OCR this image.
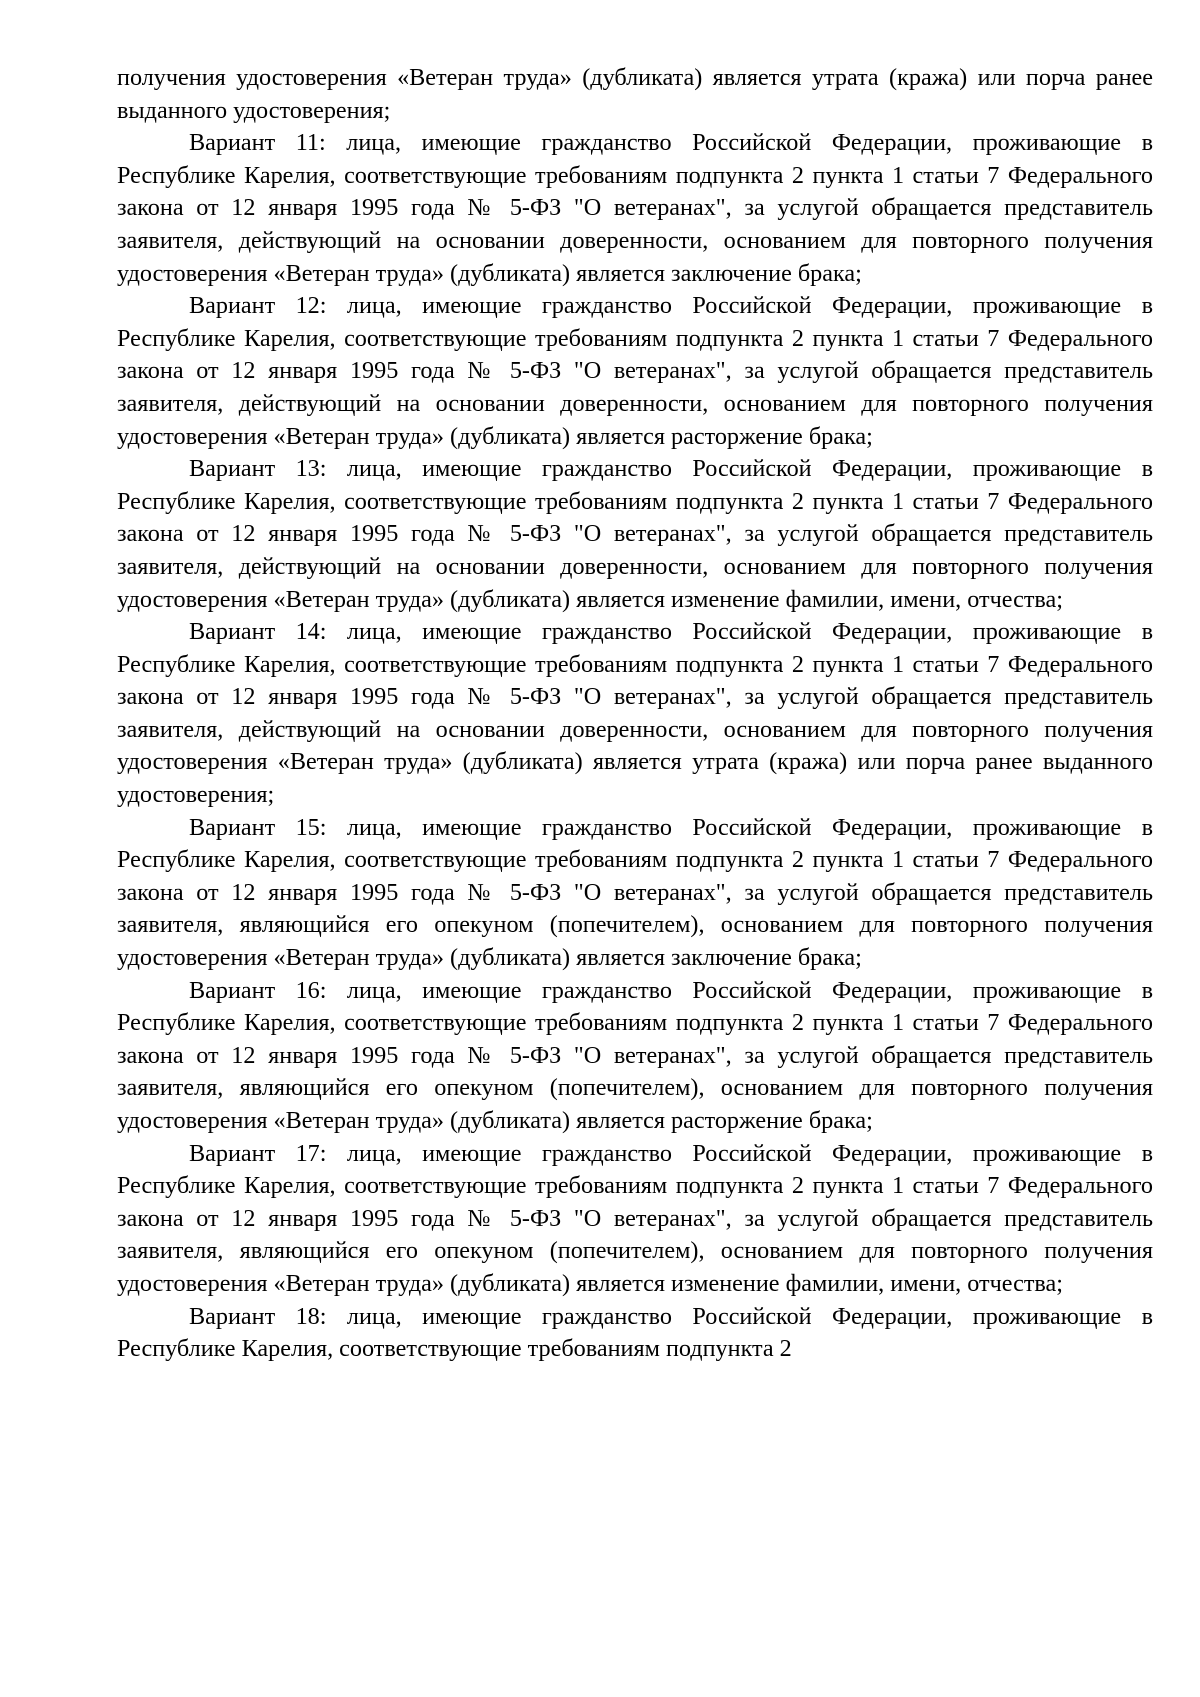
получения удостоверения «Ветеран труда» (дубликата) является утрата (кража) или порча ранее выданного удостоверения;

Вариант 11: лица, имеющие гражданство Российской Федерации, проживающие в Республике Карелия, соответствующие требованиям подпункта 2 пункта 1 статьи 7 Федерального закона от 12 января 1995 года № 5-ФЗ "О ветеранах", за услугой обращается представитель заявителя, действующий на основании доверенности, основанием для повторного получения удостоверения «Ветеран труда» (дубликата) является заключение брака;

Вариант 12: лица, имеющие гражданство Российской Федерации, проживающие в Республике Карелия, соответствующие требованиям подпункта 2 пункта 1 статьи 7 Федерального закона от 12 января 1995 года № 5-ФЗ "О ветеранах", за услугой обращается представитель заявителя, действующий на основании доверенности, основанием для повторного получения удостоверения «Ветеран труда» (дубликата) является расторжение брака;

Вариант 13: лица, имеющие гражданство Российской Федерации, проживающие в Республике Карелия, соответствующие требованиям подпункта 2 пункта 1 статьи 7 Федерального закона от 12 января 1995 года № 5-ФЗ "О ветеранах", за услугой обращается представитель заявителя, действующий на основании доверенности, основанием для повторного получения удостоверения «Ветеран труда» (дубликата) является изменение фамилии, имени, отчества;

Вариант 14: лица, имеющие гражданство Российской Федерации, проживающие в Республике Карелия, соответствующие требованиям подпункта 2 пункта 1 статьи 7 Федерального закона от 12 января 1995 года № 5-ФЗ "О ветеранах", за услугой обращается представитель заявителя, действующий на основании доверенности, основанием для повторного получения удостоверения «Ветеран труда» (дубликата) является утрата (кража) или порча ранее выданного удостоверения;

Вариант 15: лица, имеющие гражданство Российской Федерации, проживающие в Республике Карелия, соответствующие требованиям подпункта 2 пункта 1 статьи 7 Федерального закона от 12 января 1995 года № 5-ФЗ "О ветеранах", за услугой обращается представитель заявителя, являющийся его опекуном (попечителем), основанием для повторного получения удостоверения «Ветеран труда» (дубликата) является заключение брака;

Вариант 16: лица, имеющие гражданство Российской Федерации, проживающие в Республике Карелия, соответствующие требованиям подпункта 2 пункта 1 статьи 7 Федерального закона от 12 января 1995 года № 5-ФЗ "О ветеранах", за услугой обращается представитель заявителя, являющийся его опекуном (попечителем), основанием для повторного получения удостоверения «Ветеран труда» (дубликата) является расторжение брака;

Вариант 17: лица, имеющие гражданство Российской Федерации, проживающие в Республике Карелия, соответствующие требованиям подпункта 2 пункта 1 статьи 7 Федерального закона от 12 января 1995 года № 5-ФЗ "О ветеранах", за услугой обращается представитель заявителя, являющийся его опекуном (попечителем), основанием для повторного получения удостоверения «Ветеран труда» (дубликата) является изменение фамилии, имени, отчества;

Вариант 18: лица, имеющие гражданство Российской Федерации, проживающие в Республике Карелия, соответствующие требованиям подпункта 2
